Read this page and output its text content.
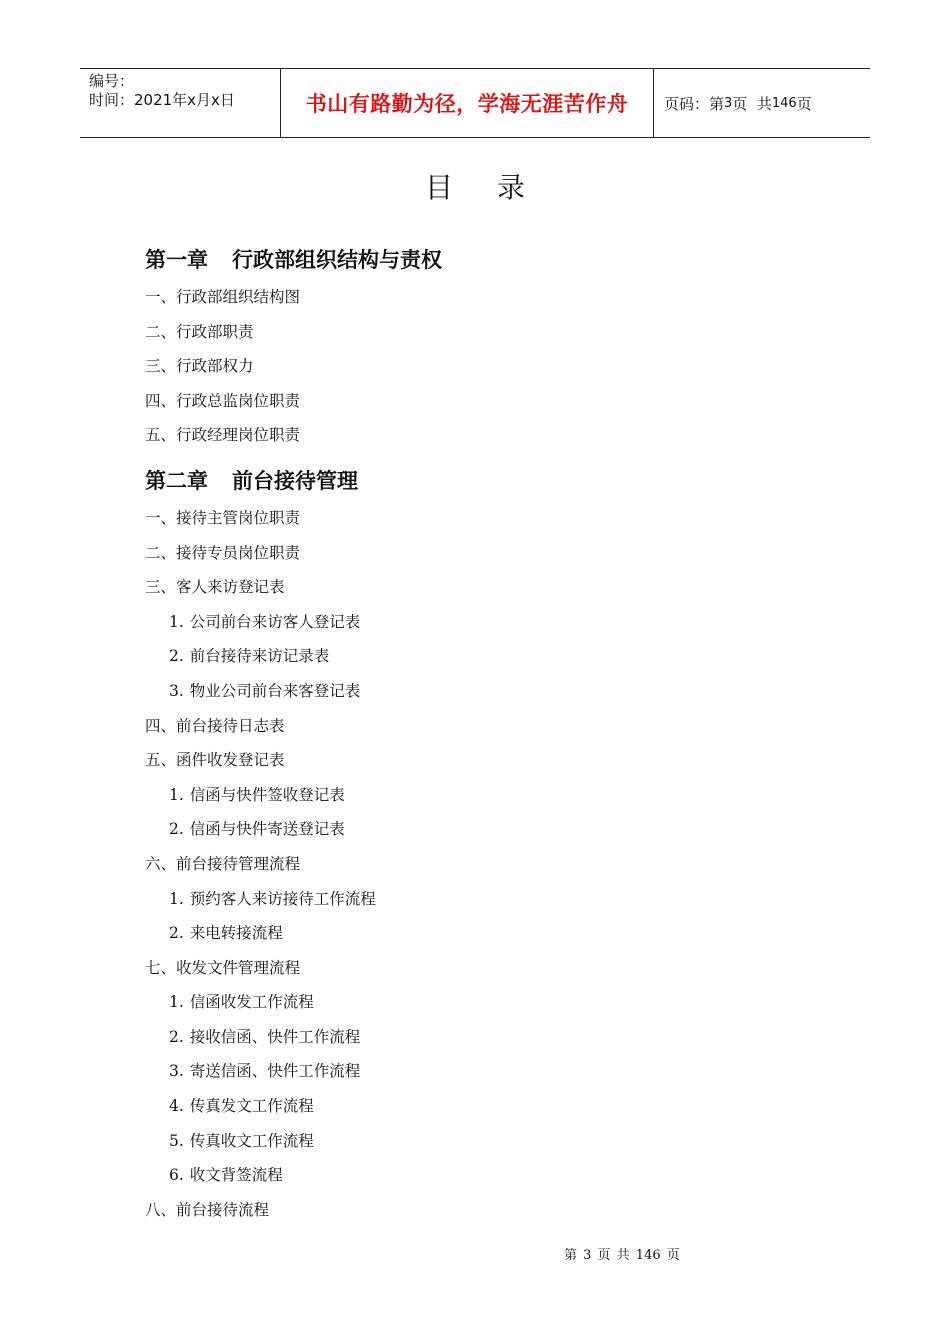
编号：
时间：2021年x月x日	书山有路勤为径，学海无涯苦作舟	页码：第 3 页  共 146 页
目录
第一章 行政部组织结构与责权
一、行政部组织结构图
二、行政部职责
三、行政部权力
四、行政总监岗位职责
五、行政经理岗位职责
第二章 前台接待管理
一、接待主管岗位职责
二、接待专员岗位职责
三、客人来访登记表
1. 公司前台来访客人登记表
2. 前台接待来访记录表
3. 物业公司前台来客登记表
四、前台接待日志表
五、函件收发登记表
1. 信函与快件签收登记表
2. 信函与快件寄送登记表
六、前台接待管理流程
1. 预约客人来访接待工作流程
2. 来电转接流程
七、收发文件管理流程
1. 信函收发工作流程
2. 接收信函、快件工作流程
3. 寄送信函、快件工作流程
4. 传真发文工作流程
5. 传真收文工作流程
6. 收文背签流程
八、前台接待流程
第 3 页 共 146 页
